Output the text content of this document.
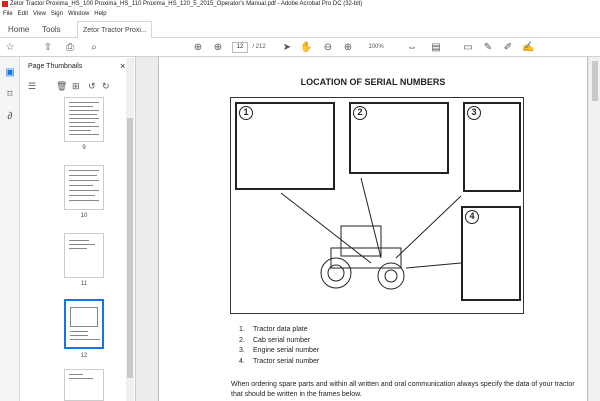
Zetor Tractor Proxima_HS_100 Proxima_HS_110 Proxima_HS_120_5_2015_Operator's Manual.pdf - Adobe Acrobat Pro DC (32-bit)
File Edit View Sign Window Help
Home Tools	Zetor Tractor Proxi...
☆	⇧ ⎙	⌕	⊕ ⊕	12	/ 212 ➤ ✋ ⊖ ⊕	100%	⇔ ▤ ▭ ✎ ✐ ✍
▣
⌑
∂
Page Thumbnails	×
☰ 🗑 ⊞ ↺ ↻
9
10
11
12
LOCATION OF SERIAL NUMBERS
1	2	3
4
1. Tractor data plate
2. Cab serial number
3. Engine serial number
4. Tractor serial number
When ordering spare parts and within all written and oral communication always specify the data of your tractor that should be written in the frames below.
